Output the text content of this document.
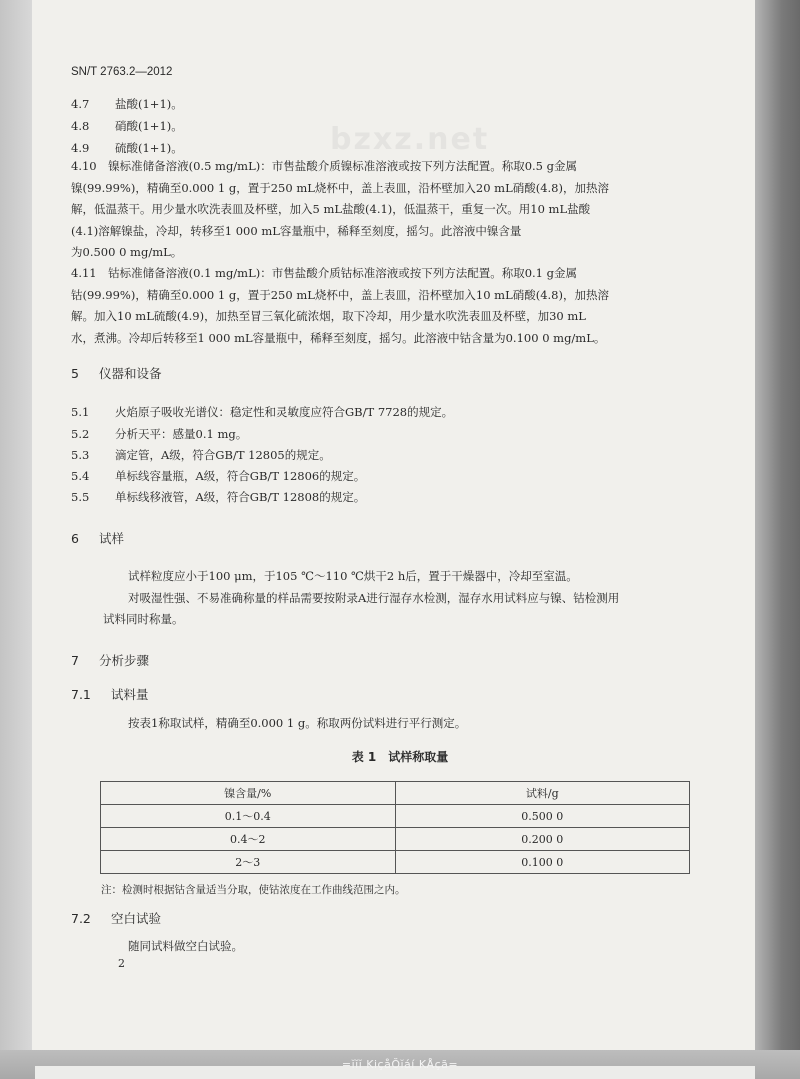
SN/T 2763.2—2012
bzxz.net
4.7 盐酸(1+1)。
4.8 硝酸(1+1)。
4.9 硫酸(1+1)。
4.10　镍标准储备溶液(0.5 mg/mL)：市售盐酸介质镍标准溶液或按下列方法配置。称取0.5 g金属
镍(99.99%)，精确至0.000 1 g，置于250 mL烧杯中，盖上表皿，沿杯壁加入20 mL硝酸(4.8)，加热溶
解，低温蒸干。用少量水吹洗表皿及杯壁，加入5 mL盐酸(4.1)，低温蒸干，重复一次。用10 mL盐酸
(4.1)溶解镍盐，冷却，转移至1 000 mL容量瓶中，稀释至刻度，摇匀。此溶液中镍含量
为0.500 0 mg/mL。
4.11　钴标准储备溶液(0.1 mg/mL)：市售盐酸介质钴标准溶液或按下列方法配置。称取0.1 g金属
钴(99.99%)，精确至0.000 1 g，置于250 mL烧杯中，盖上表皿，沿杯壁加入10 mL硝酸(4.8)，加热溶
解。加入10 mL硫酸(4.9)，加热至冒三氧化硫浓烟，取下冷却，用少量水吹洗表皿及杯壁，加30 mL
水，煮沸。冷却后转移至1 000 mL容量瓶中，稀释至刻度，摇匀。此溶液中钴含量为0.100 0 mg/mL。
5 仪器和设备
5.1 火焰原子吸收光谱仪：稳定性和灵敏度应符合GB/T 7728的规定。
5.2 分析天平：感量0.1 mg。
5.3 滴定管，A级，符合GB/T 12805的规定。
5.4 单标线容量瓶，A级，符合GB/T 12806的规定。
5.5 单标线移液管，A级，符合GB/T 12808的规定。
6 试样
试样粒度应小于100 μm，于105 ℃～110 ℃烘干2 h后，置于干燥器中，冷却至室温。
对吸湿性强、不易准确称量的样品需要按附录A进行湿存水检测，湿存水用试料应与镍、钴检测用
试料同时称量。
7 分析步骤
7.1 试料量
按表1称取试样，精确至0.000 1 g。称取两份试料进行平行测定。
表 1　试样称取量
镍含量/%	试料/g
0.1～0.4	0.500 0
0.4～2	0.200 0
2～3	0.100 0
注：检测时根据钴含量适当分取，使钴浓度在工作曲线范围之内。
7.2 空白试验
随同试料做空白试验。
2
=ĭĭĭ KiçåŎĭáí KÅçã=
